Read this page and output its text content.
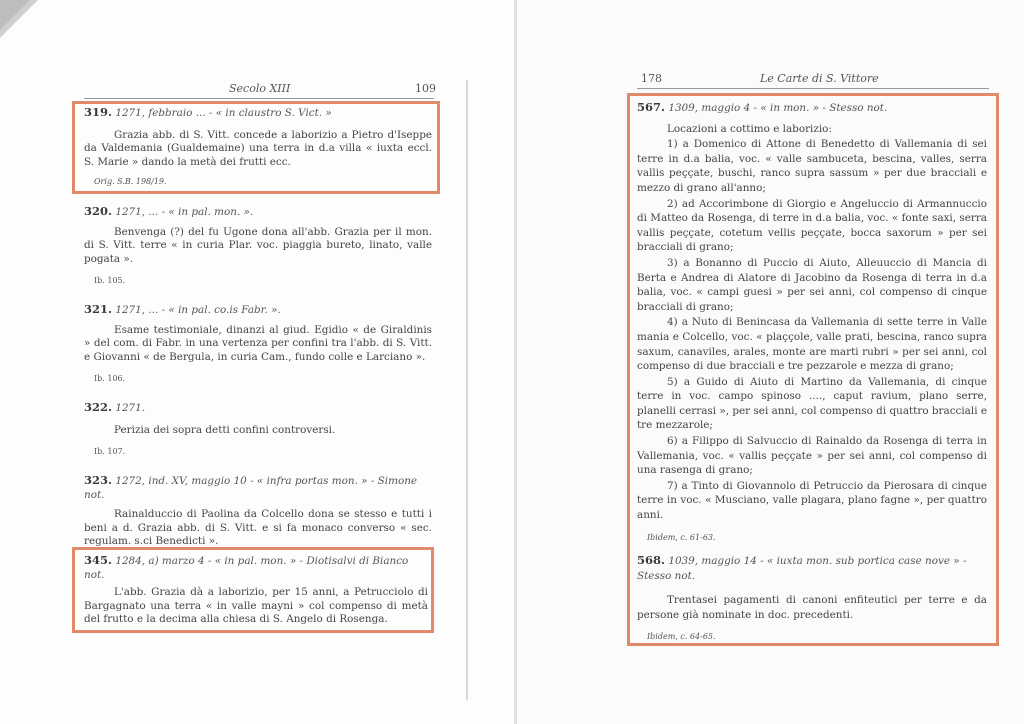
Secolo XIII	109

319. 1271, febbraio ... - « in claustro S. Vict. »

Grazia abb. di S. Vitt. concede a laborizio a Pietro d'Iseppe da Valdemania (Gualdemaine) una terra in d.a villa « iuxta eccl. S. Marie » dando la metà dei frutti ecc.

Orig. S.B. 198/19.

320. 1271, ... - « in pal. mon. ».

Benvenga (?) del fu Ugone dona all'abb. Grazia per il mon. di S. Vitt. terre « in curia Plar. voc. piaggia bureto, linato, valle pogata ».

Ib. 105.

321. 1271, ... - « in pal. co.is Fabr. ».

Esame testimoniale, dinanzi al giud. Egidio « de Giraldinis » del com. di Fabr. in una vertenza per confini tra l'abb. di S. Vitt. e Giovanni « de Bergula, in curia Cam., fundo colle e Larciano ».

Ib. 106.

322. 1271.

Perizia dei sopra detti confini controversi.

Ib. 107.

323. 1272, ind. XV, maggio 10 - « infra portas mon. » - Simone not.

Rainalduccio di Paolina da Colcello dona se stesso e tutti i beni a d. Grazia abb. di S. Vitt. e si fa monaco converso « sec. regulam. s.ci Benedicti ».

345. 1284, a) marzo 4 - « in pal. mon. » - Diotisalvi di Bianco not.

L'abb. Grazia dà a laborizio, per 15 anni, a Petrucciolo di Bargagnato una terra « in valle mayni » col compenso di metà del frutto e la decima alla chiesa di S. Angelo di Rosenga.

178	Le Carte di S. Vittore

567. 1309, maggio 4 - « in mon. » - Stesso not.

Locazioni a cottimo e laborizio:

1) a Domenico di Attone di Benedetto di Vallemania di sei terre in d.a balia, voc. « valle sambuceta, bescina, valles, serra vallis peççate, buschi, ranco supra sassum » per due bracciali e mezzo di grano all'anno;

2) ad Accorimbone di Giorgio e Angeluccio di Armannuccio di Matteo da Rosenga, di terre in d.a balia, voc. « fonte saxi, serra vallis peççate, cotetum vellis peççate, bocca saxorum » per sei bracciali di grano;

3) a Bonanno di Puccio di Aiuto, Alleuuccio di Mancia di Berta e Andrea di Alatore di Jacobino da Rosenga di terra in d.a balia, voc. « campi guesi » per sei anni, col compenso di cinque bracciali di grano;

4) a Nuto di Benincasa da Vallemania di sette terre in Valle mania e Colcello, voc. « plaççole, valle prati, bescina, ranco supra saxum, canaviles, arales, monte are marti rubri » per sei anni, col compenso di due bracciali e tre pezzarole e mezza di grano;

5) a Guido di Aiuto di Martino da Vallemania, di cinque terre in voc. campo spinoso ...., caput ravium, plano serre, planelli cerrasi », per sei anni, col compenso di quattro bracciali e tre mezzarole;

6) a Filippo di Salvuccio di Rainaldo da Rosenga di terra in Vallemania, voc. « vallis peççate » per sei anni, col compenso di una rasenga di grano;

7) a Tinto di Giovannolo di Petruccio da Pierosara di cinque terre in voc. « Musciano, valle plagara, plano fagne », per quattro anni.

Ibidem, c. 61-63.

568. 1039, maggio 14 - « iuxta mon. sub portica case nove » - Stesso not.

Trentasei pagamenti di canoni enfiteutici per terre e da persone già nominate in doc. precedenti.

Ibidem, c. 64-65.
